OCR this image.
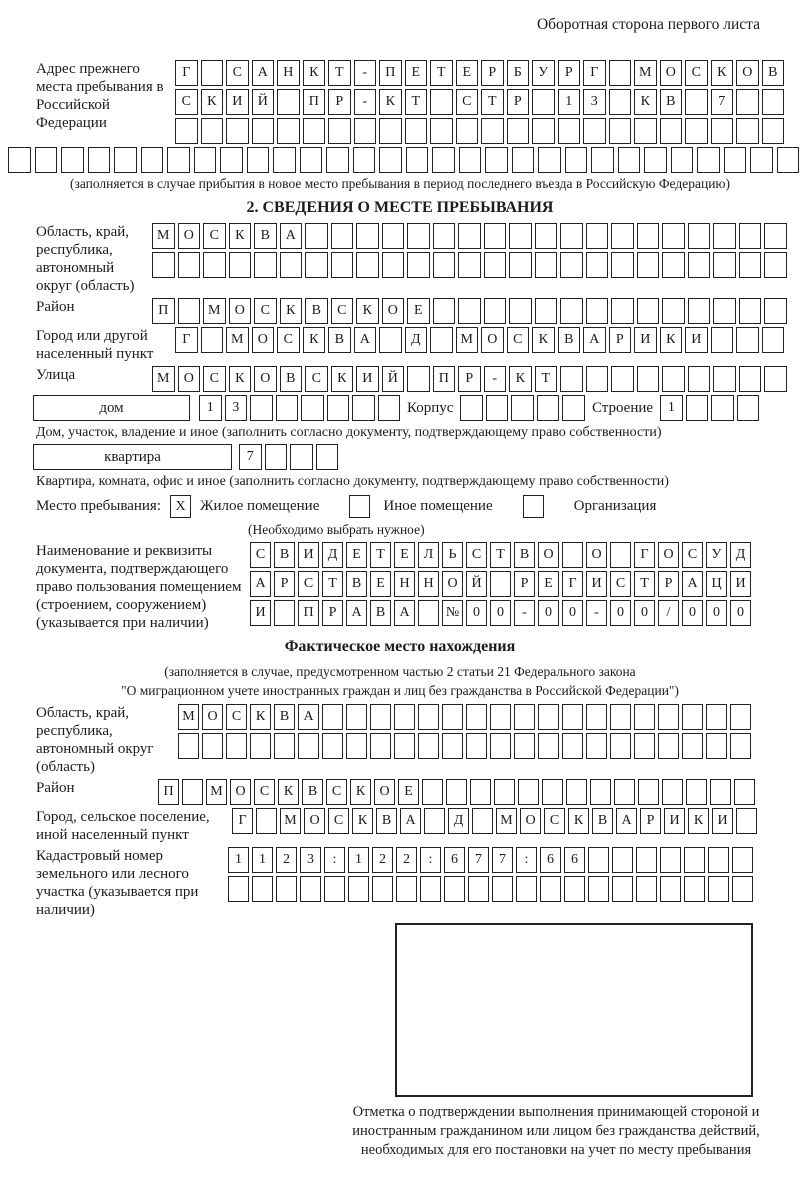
Оборотная сторона первого листа
Адрес прежнего места пребывания в Российской Федерации
Г	С	А	Н	К	Т	-	П	Е	Т	Е	Р	Б	У	Р	Г	М	О	С	К	О	В
С	К	И	Й	П	Р	-	К	Т	С	Т	Р	1	3	К	В	7
(заполняется в случае прибытия в новое место пребывания в период последнего въезда в Российскую Федерацию)
2. СВЕДЕНИЯ О МЕСТЕ ПРЕБЫВАНИЯ
Область, край, республика, автономный округ (область)
М	О	С	К	В	А
Район	П	М	О	С	К	В	С	К	О	Е
Город или другой населенный пункт
Г	М	О	С	К	В	А	Д	М	О	С	К	В	А	Р	И	К	И
Улица	М	О	С	К	О	В	С	К	И	Й	П	Р	-	К	Т
дом	1	3	Корпус	Строение	1
Дом, участок, владение и иное (заполнить согласно документу, подтверждающему право собственности)
квартира	7
Квартира, комната, офис и иное (заполнить согласно документу, подтверждающему право собственности)
Место пребывания:	X Жилое помещение	Иное помещение	Организация
(Необходимо выбрать нужное)
Наименование и реквизиты документа, подтверждающего право пользования помещением (строением, сооружением) (указывается при наличии)
С	В	И	Д	Е	Т	Е	Л	Ь	С	Т	В	О	О	Г	О	С	У	Д
А	Р	С	Т	В	Е	Н Н О Й	Р	Е	Г	И	С	Т	Р	А Ц И
И	П	Р	А	В	А	№ 0	0	-	0	0	-	0	0	/	0	0	0
Фактическое место нахождения
(заполняется в случае, предусмотренном частью 2 статьи 21 Федерального закона
"О миграционном учете иностранных граждан и лиц без гражданства в Российской Федерации")
Область, край, республика, автономный округ (область)
М О	С	К	В	А
Район	П	М О	С	К	В	С	К	О	Е
Город, сельское поселение, иной населенный пункт
Г	М О	С	К	В	А	Д	М О	С	К	В	А	Р	И	К	И
Кадастровый номер земельного или лесного участка (указывается при наличии)
1	1	2	3	:	1	2	2	:	6	7	7	:	6	6
Отметка о подтверждении выполнения принимающей стороной и иностранным гражданином или лицом без гражданства действий, необходимых для его постановки на учет по месту пребывания
